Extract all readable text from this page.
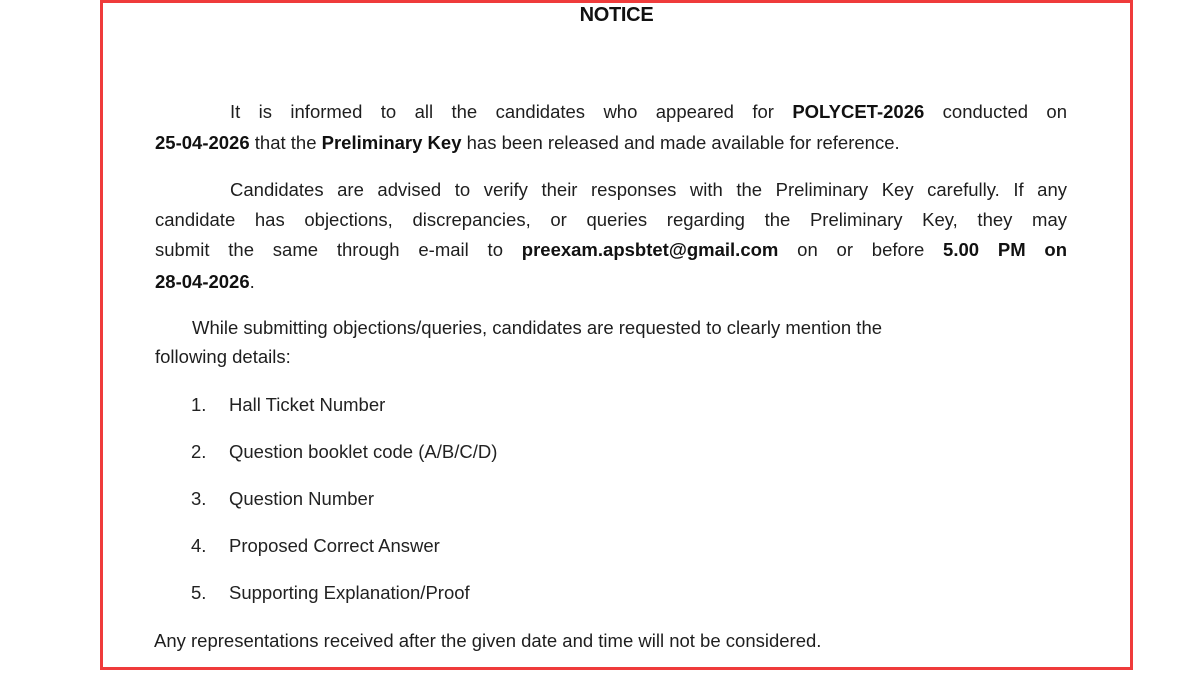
NOTICE
It is informed to all the candidates who appeared for POLYCET-2026 conducted on
25-04-2026 that the Preliminary Key has been released and made available for reference.
Candidates are advised to verify their responses with the Preliminary Key carefully. If any
candidate has objections, discrepancies, or queries regarding the Preliminary Key, they may
submit the same through e-mail to preexam.apsbtet@gmail.com on or before 5.00 PM on
28-04-2026.
While submitting objections/queries, candidates are requested to clearly mention the
following details:
1. Hall Ticket Number
2. Question booklet code (A/B/C/D)
3. Question Number
4. Proposed Correct Answer
5. Supporting Explanation/Proof
Any representations received after the given date and time will not be considered.
